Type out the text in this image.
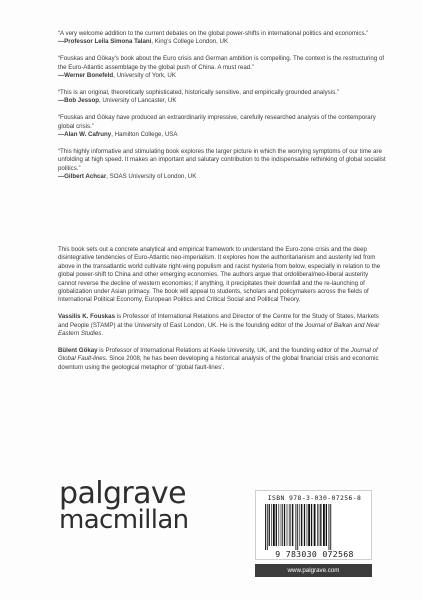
“A very welcome addition to the current debates on the global power-shifts in international politics and economics.”

—Professor Leila Simona Talani, King’s College London, UK

“Fouskas and Gökay’s book about the Euro crisis and German ambition is compelling. The context is the restructuring of the Euro-Atlantic assemblage by the global push of China. A must read.”

—Werner Bonefeld, University of York, UK

“This is an original, theoretically sophisticated, historically sensitive, and empirically grounded analysis.”

—Bob Jessop, University of Lancaster, UK

“Fouskas and Gökay have produced an extraordinarily impressive, carefully researched analysis of the contemporary global crisis.”

—Alan W. Cafruny, Hamilton College, USA

“This highly informative and stimulating book explores the larger picture in which the worrying symptoms of our time are unfolding at high speed. It makes an important and salutary contribution to the indispensable rethinking of global socialist politics.”

—Gilbert Achcar, SOAS University of London, UK

This book sets out a concrete analytical and empirical framework to understand the Euro-zone crisis and the deep disintegrative tendencies of Euro-Atlantic neo-imperialism. It explores how the authoritarianism and austerity led from above in the transatlantic world cultivate right-wing populism and racist hysteria from below, especially in relation to the global power-shift to China and other emerging economies. The authors argue that ordoliberal/neo-liberal austerity cannot reverse the decline of western economies; if anything, it precipitates their downfall and the re-launching of globalization under Asian primacy. The book will appeal to students, scholars and policymakers across the fields of International Political Economy, European Politics and Critical Social and Political Theory.

Vassilis K. Fouskas is Professor of International Relations and Director of the Centre for the Study of States, Markets and People (STAMP) at the University of East London, UK. He is the founding editor of the Journal of Balkan and Near Eastern Studies.

Bülent Gökay is Professor of International Relations at Keele University, UK, and the founding editor of the Journal of Global Fault-lines. Since 2008, he has been developing a historical analysis of the global financial crisis and economic downturn using the geological metaphor of ‘global fault-lines’.

palgrave
macmillan
ISBN 978-3-030-07256-8
9 783030 072568
www.palgrave.com
